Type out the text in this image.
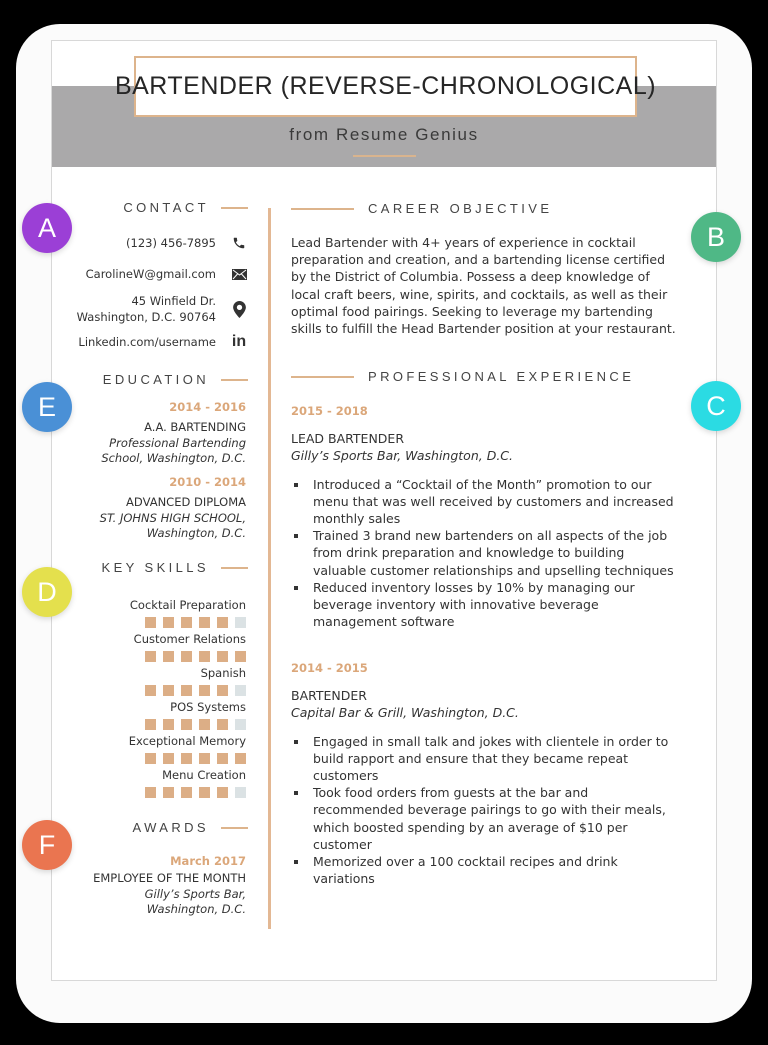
BARTENDER (REVERSE-CHRONOLOGICAL)
from Resume Genius
CONTACT
(123) 456-7895
CarolineW@gmail.com
45 Winfield Dr.
Washington, D.C. 90764
Linkedin.com/username in
EDUCATION
2014 - 2016
A.A. BARTENDING
Professional Bartending
School, Washington, D.C.
2010 - 2014
ADVANCED DIPLOMA
ST. JOHNS HIGH SCHOOL,
Washington, D.C.
KEY SKILLS
Cocktail Preparation
Customer Relations
Spanish
POS Systems
Exceptional Memory
Menu Creation
AWARDS
March 2017
EMPLOYEE OF THE MONTH
Gilly’s Sports Bar,
Washington, D.C.
CAREER OBJECTIVE
Lead Bartender with 4+ years of experience in cocktail preparation and creation, and a bartending license certified by the District of Columbia. Possess a deep knowledge of local craft beers, wine, spirits, and cocktails, as well as their optimal food pairings. Seeking to leverage my bartending skills to fulfill the Head Bartender position at your restaurant.
PROFESSIONAL EXPERIENCE
2015 - 2018
LEAD BARTENDER
Gilly’s Sports Bar, Washington, D.C.
Introduced a “Cocktail of the Month” promotion to our menu that was well received by customers and increased monthly sales
Trained 3 brand new bartenders on all aspects of the job from drink preparation and knowledge to building valuable customer relationships and upselling techniques
Reduced inventory losses by 10% by managing our beverage inventory with innovative beverage management software
2014 - 2015
BARTENDER
Capital Bar & Grill, Washington, D.C.
Engaged in small talk and jokes with clientele in order to build rapport and ensure that they became repeat customers
Took food orders from guests at the bar and recommended beverage pairings to go with their meals, which boosted spending by an average of $10 per customer
Memorized over a 100 cocktail recipes and drink variations
A	B
C
D
E
F
